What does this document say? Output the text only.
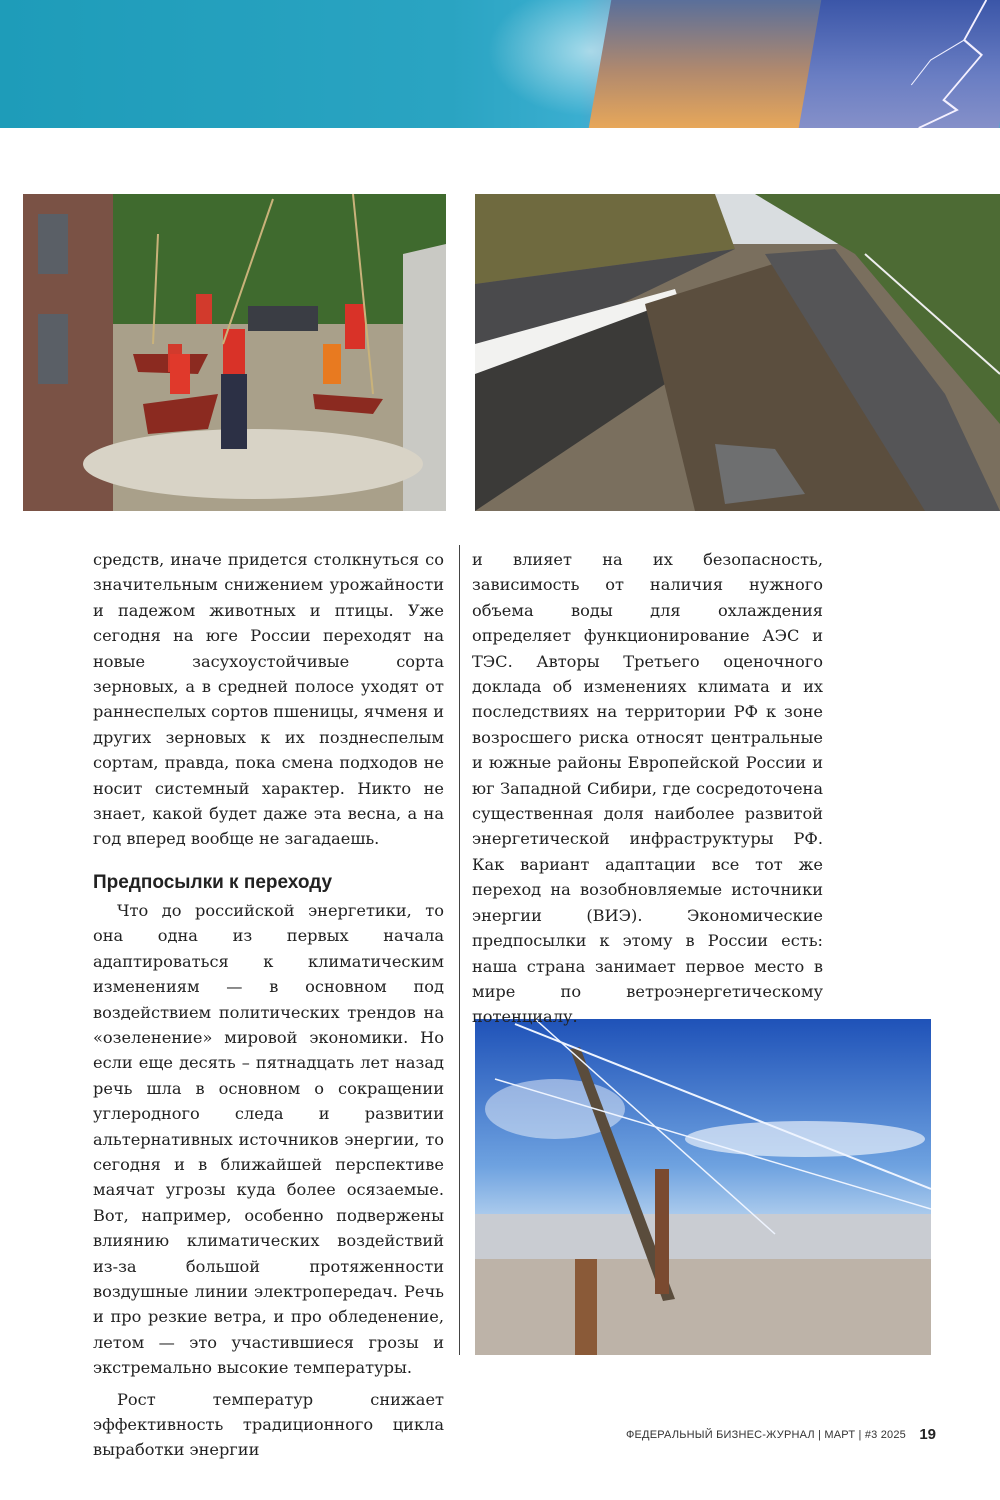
средств, иначе придется столкнуться со значительным снижением урожайности и падежом животных и птицы. Уже сегодня на юге России переходят на новые засухоустойчивые сорта зерновых, а в средней полосе уходят от раннеспелых сортов пшеницы, ячменя и других зерновых к их позднеспелым сортам, правда, пока смена подходов не носит системный характер. Никто не знает, какой будет даже эта весна, а на год вперед вообще не загадаешь.

Предпосылки к переходу

Что до российской энергетики, то она одна из первых начала адаптироваться к климатическим изменениям — в основном под воздействием политических трендов на «озеленение» мировой экономики. Но если еще десять – пятнадцать лет назад речь шла в основном о сокращении углеродного следа и развитии альтернативных источников энергии, то сегодня и в ближайшей перспективе маячат угрозы куда более осязаемые. Вот, например, особенно подвержены влиянию климатических воздействий из-за большой протяженности воздушные линии электропередач. Речь и про резкие ветра, и про обледенение, летом — это участившиеся грозы и экстремально высокие температуры.

Рост температур снижает эффективность традиционного цикла выработки энергии

и влияет на их безопасность, зависимость от наличия нужного объема воды для охлаждения определяет функционирование АЭС и ТЭС. Авторы Третьего оценочного доклада об изменениях климата и их последствиях на территории РФ к зоне возросшего риска относят центральные и южные районы Европейской России и юг Западной Сибири, где сосредоточена существенная доля наиболее развитой энергетической инфраструктуры РФ. Как вариант адаптации все тот же переход на возобновляемые источники энергии (ВИЭ). Экономические предпосылки к этому в России есть: наша страна занимает первое место в мире по ветроэнергетическому потенциалу.

ФЕДЕРАЛЬНЫЙ БИЗНЕС-ЖУРНАЛ | МАРТ | #3 2025 19
